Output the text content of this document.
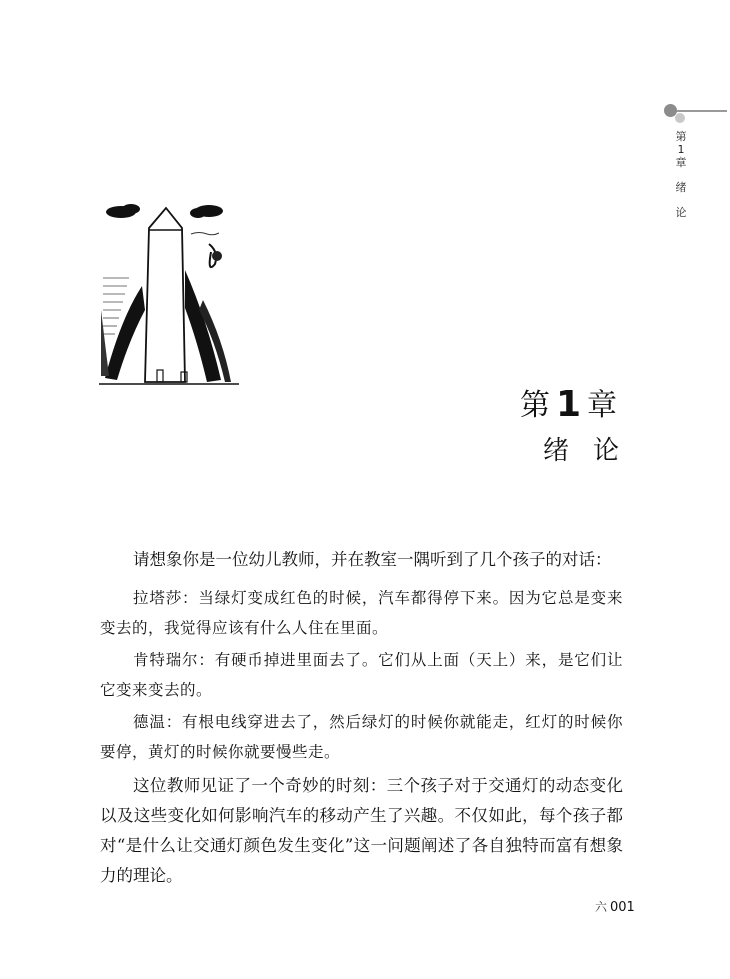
第
1
章
绪
论
第 1 章
绪论

请想象你是一位幼儿教师，并在教室一隅听到了几个孩子的对话：

拉塔莎：当绿灯变成红色的时候，汽车都得停下来。因为它总是变来变去的，我觉得应该有什么人住在里面。

肯特瑞尔：有硬币掉进里面去了。它们从上面（天上）来，是它们让它变来变去的。

德温：有根电线穿进去了，然后绿灯的时候你就能走，红灯的时候你要停，黄灯的时候你就要慢些走。

这位教师见证了一个奇妙的时刻：三个孩子对于交通灯的动态变化以及这些变化如何影响汽车的移动产生了兴趣。不仅如此，每个孩子都对“是什么让交通灯颜色发生变化”这一问题阐述了各自独特而富有想象力的理论。

六 001
